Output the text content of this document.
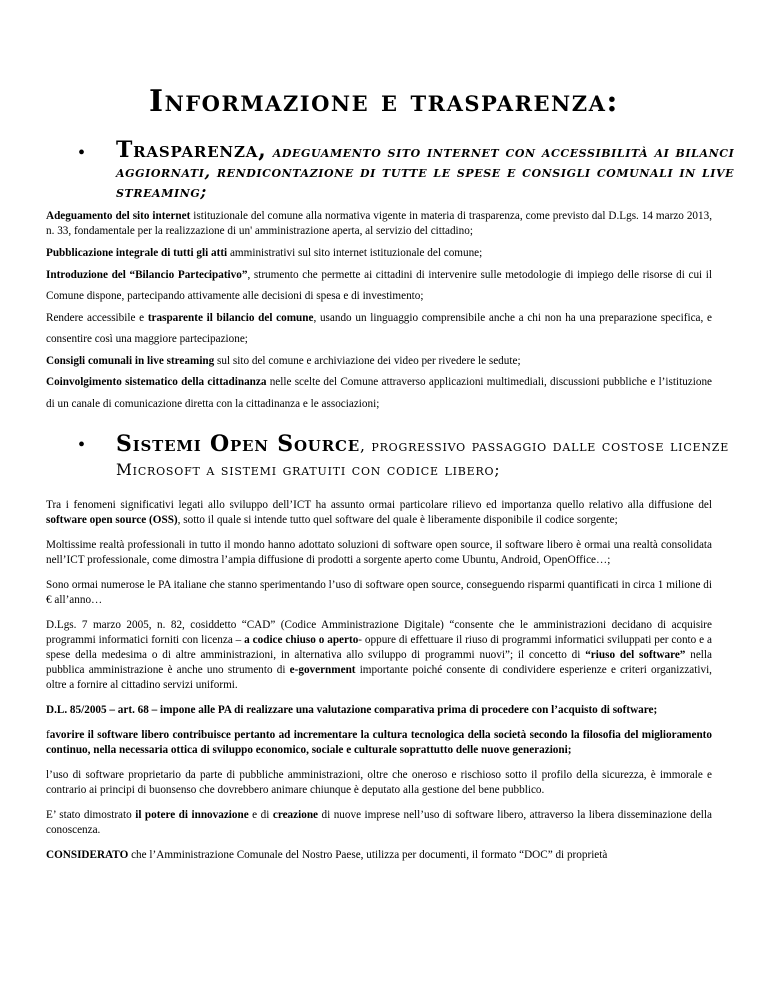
Informazione e trasparenza:
• Trasparenza, adeguamento sito internet con accessibilità ai bilanci aggiornati, rendicontazione di tutte le spese e consigli comunali in live streaming;

Adeguamento del sito internet istituzionale del comune alla normativa vigente in materia di trasparenza, come previsto dal D.Lgs. 14 marzo 2013, n. 33, fondamentale per la realizzazione di un' amministrazione aperta, al servizio del cittadino;

Pubblicazione integrale di tutti gli atti amministrativi sul sito internet istituzionale del comune;

Introduzione del “Bilancio Partecipativo”, strumento che permette ai cittadini di intervenire sulle metodologie di impiego delle risorse di cui il Comune dispone, partecipando attivamente alle decisioni di spesa e di investimento;

Rendere accessibile e trasparente il bilancio del comune, usando un linguaggio comprensibile anche a chi non ha una preparazione specifica, e consentire così una maggiore partecipazione;

Consigli comunali in live streaming sul sito del comune e archiviazione dei video per rivedere le sedute;

Coinvolgimento sistematico della cittadinanza nelle scelte del Comune attraverso applicazioni multimediali, discussioni pubbliche e l’istituzione di un canale di comunicazione diretta con la cittadinanza e le associazioni;

• Sistemi Open Source, progressivo passaggio dalle costose licenze Microsoft a sistemi gratuiti con codice libero;

Tra i fenomeni significativi legati allo sviluppo dell’ICT ha assunto ormai particolare rilievo ed importanza quello relativo alla diffusione del software open source (OSS), sotto il quale si intende tutto quel software del quale è liberamente disponibile il codice sorgente;

Moltissime realtà professionali in tutto il mondo hanno adottato soluzioni di software open source, il software libero è ormai una realtà consolidata nell’ICT professionale, come dimostra l’ampia diffusione di prodotti a sorgente aperto come Ubuntu, Android, OpenOffice…;

Sono ormai numerose le PA italiane che stanno sperimentando l’uso di software open source, conseguendo risparmi quantificati in circa 1 milione di € all’anno…

D.Lgs. 7 marzo 2005, n. 82, cosiddetto “CAD” (Codice Amministrazione Digitale) “consente che le amministrazioni decidano di acquisire programmi informatici forniti con licenza – a codice chiuso o aperto- oppure di effettuare il riuso di programmi informatici sviluppati per conto e a spese della medesima o di altre amministrazioni, in alternativa allo sviluppo di programmi nuovi”; il concetto di “riuso del software” nella pubblica amministrazione è anche uno strumento di e-government importante poiché consente di condividere esperienze e criteri organizzativi, oltre a fornire al cittadino servizi uniformi.

D.L. 85/2005 – art. 68 – impone alle PA di realizzare una valutazione comparativa prima di procedere con l’acquisto di software;

favorire il software libero contribuisce pertanto ad incrementare la cultura tecnologica della società secondo la filosofia del miglioramento continuo, nella necessaria ottica di sviluppo economico, sociale e culturale soprattutto delle nuove generazioni;

l’uso di software proprietario da parte di pubbliche amministrazioni, oltre che oneroso e rischioso sotto il profilo della sicurezza, è immorale e contrario ai principi di buonsenso che dovrebbero animare chiunque è deputato alla gestione del bene pubblico.

E’ stato dimostrato il potere di innovazione e di creazione di nuove imprese nell’uso di software libero, attraverso la libera disseminazione della conoscenza.

CONSIDERATO che l’Amministrazione Comunale del Nostro Paese, utilizza per documenti, il formato “DOC” di proprietà
